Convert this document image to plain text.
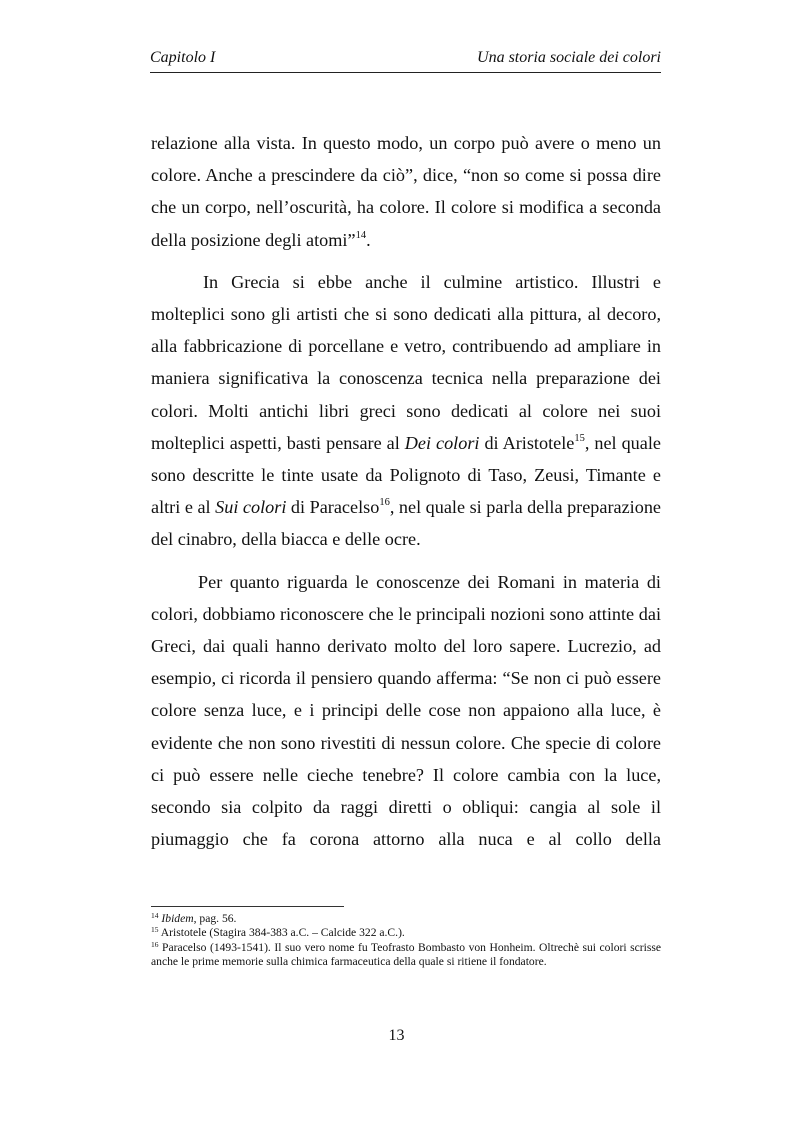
Capitolo I	Una storia sociale dei colori

relazione alla vista. In questo modo, un corpo può avere o meno un colore. Anche a prescindere da ciò”, dice, “non so come si possa dire che un corpo, nell’oscurità, ha colore. Il colore si modifica a seconda della posizione degli atomi”$^{14}$.

In Grecia si ebbe anche il culmine artistico. Illustri e molteplici sono gli artisti che si sono dedicati alla pittura, al decoro, alla fabbricazione di porcellane e vetro, contribuendo ad ampliare in maniera significativa la conoscenza tecnica nella preparazione dei colori. Molti antichi libri greci sono dedicati al colore nei suoi molteplici aspetti, basti pensare al Dei colori di Aristotele$^{15}$, nel quale sono descritte le tinte usate da Polignoto di Taso, Zeusi, Timante e altri e al Sui colori di Paracelso$^{16}$, nel quale si parla della preparazione del cinabro, della biacca e delle ocre.

Per quanto riguarda le conoscenze dei Romani in materia di colori, dobbiamo riconoscere che le principali nozioni sono attinte dai Greci, dai quali hanno derivato molto del loro sapere. Lucrezio, ad esempio, ci ricorda il pensiero quando afferma: “Se non ci può essere colore senza luce, e i principi delle cose non appaiono alla luce, è evidente che non sono rivestiti di nessun colore. Che specie di colore ci può essere nelle cieche tenebre? Il colore cambia con la luce, secondo sia colpito da raggi diretti o obliqui: cangia al sole il piumaggio che fa corona attorno alla nuca e al collo della

$^{14}$ Ibidem, pag. 56.
$^{15}$ Aristotele (Stagira 384-383 a.C. – Calcide 322 a.C.).
$^{16}$ Paracelso (1493-1541). Il suo vero nome fu Teofrasto Bombasto von Honheim. Oltrechè sui colori scrisse anche le prime memorie sulla chimica farmaceutica della quale si ritiene il fondatore.
13
